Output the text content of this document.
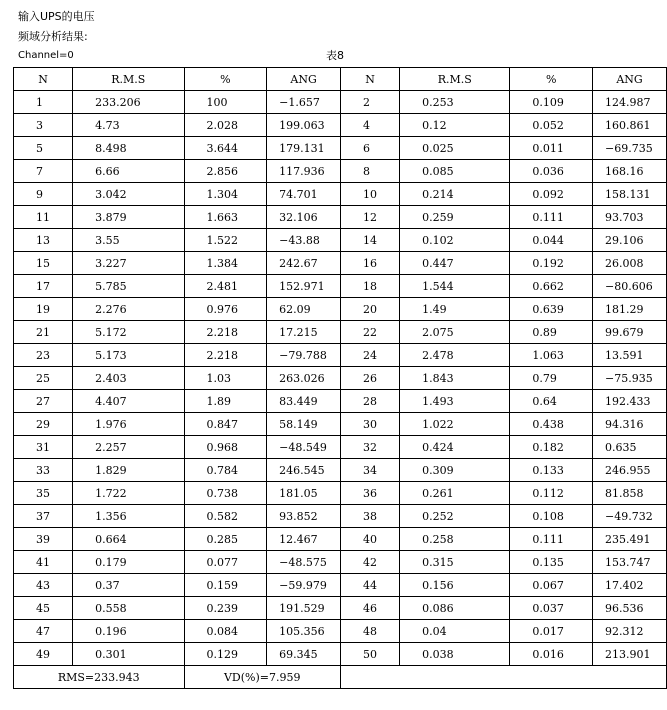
输入UPS的电压
频域分析结果:
Channel=0	表8
N	R.M.S	%	ANG	N	R.M.S	%	ANG
1	233.206	100	−1.657	2	0.253	0.109	124.987
3	4.73	2.028	199.063	4	0.12	0.052	160.861
5	8.498	3.644	179.131	6	0.025	0.011	−69.735
7	6.66	2.856	117.936	8	0.085	0.036	168.16
9	3.042	1.304	74.701	10	0.214	0.092	158.131
11	3.879	1.663	32.106	12	0.259	0.111	93.703
13	3.55	1.522	−43.88	14	0.102	0.044	29.106
15	3.227	1.384	242.67	16	0.447	0.192	26.008
17	5.785	2.481	152.971	18	1.544	0.662	−80.606
19	2.276	0.976	62.09	20	1.49	0.639	181.29
21	5.172	2.218	17.215	22	2.075	0.89	99.679
23	5.173	2.218	−79.788	24	2.478	1.063	13.591
25	2.403	1.03	263.026	26	1.843	0.79	−75.935
27	4.407	1.89	83.449	28	1.493	0.64	192.433
29	1.976	0.847	58.149	30	1.022	0.438	94.316
31	2.257	0.968	−48.549	32	0.424	0.182	0.635
33	1.829	0.784	246.545	34	0.309	0.133	246.955
35	1.722	0.738	181.05	36	0.261	0.112	81.858
37	1.356	0.582	93.852	38	0.252	0.108	−49.732
39	0.664	0.285	12.467	40	0.258	0.111	235.491
41	0.179	0.077	−48.575	42	0.315	0.135	153.747
43	0.37	0.159	−59.979	44	0.156	0.067	17.402
45	0.558	0.239	191.529	46	0.086	0.037	96.536
47	0.196	0.084	105.356	48	0.04	0.017	92.312
49	0.301	0.129	69.345	50	0.038	0.016	213.901
RMS=233.943		VD(%)=7.959					
